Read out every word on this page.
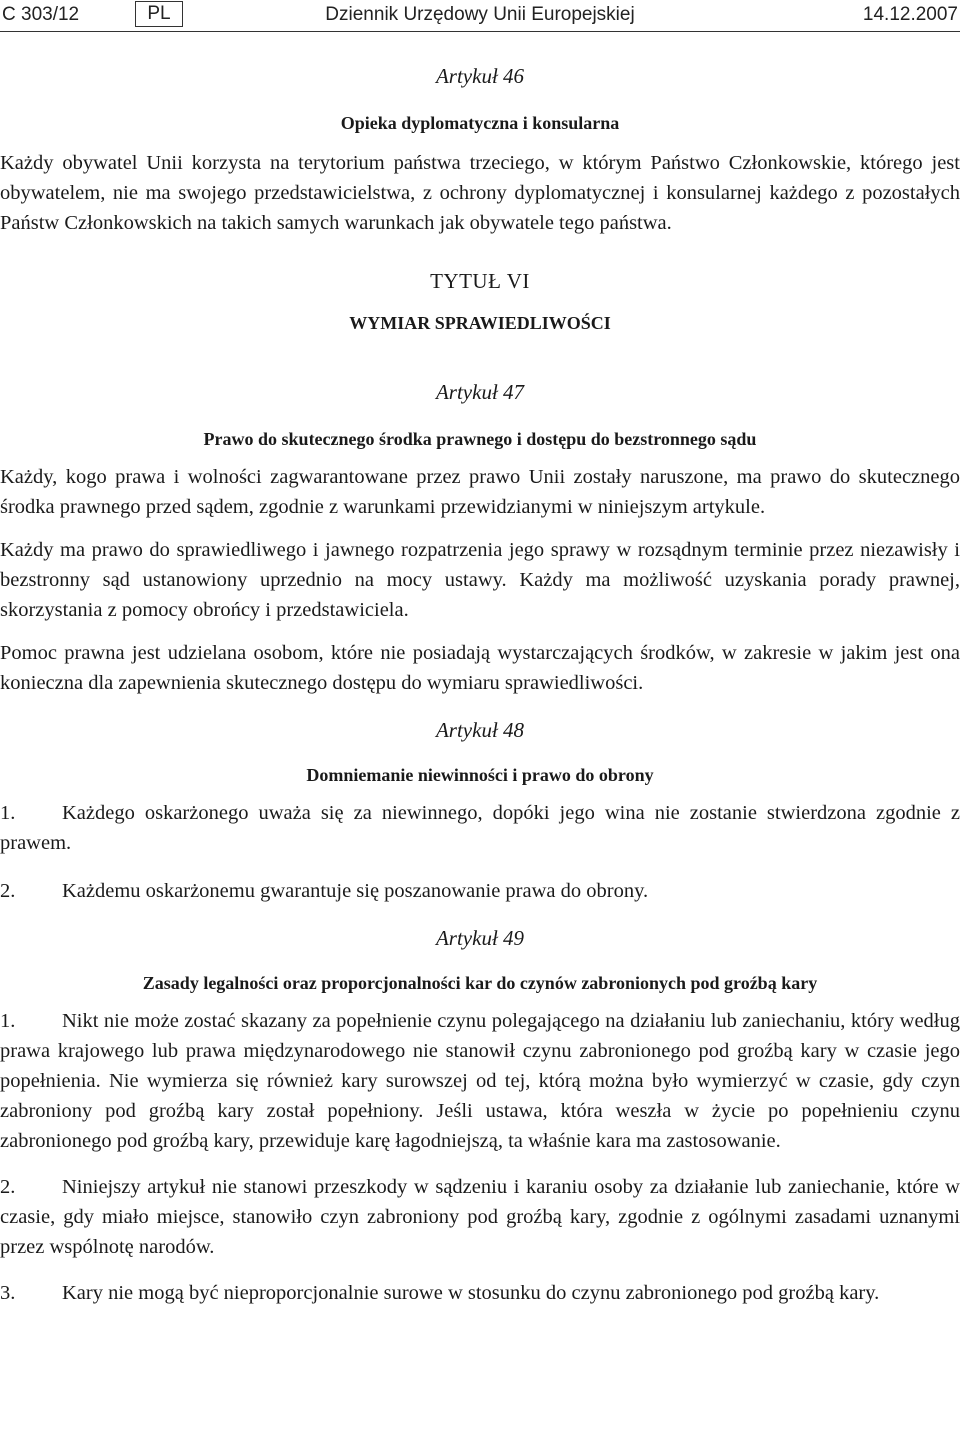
Dziennik Urzędowy Unii Europejskiej
C 303/12	PL	14.12.2007

Artykuł 46

Opieka dyplomatyczna i konsularna

Każdy obywatel Unii korzysta na terytorium państwa trzeciego, w którym Państwo Członkowskie, którego jest obywatelem, nie ma swojego przedstawicielstwa, z ochrony dyplomatycznej i konsularnej każdego z pozostałych Państw Członkowskich na takich samych warunkach jak obywatele tego państwa.

TYTUŁ VI

WYMIAR SPRAWIEDLIWOŚCI

Artykuł 47

Prawo do skutecznego środka prawnego i dostępu do bezstronnego sądu

Każdy, kogo prawa i wolności zagwarantowane przez prawo Unii zostały naruszone, ma prawo do skutecznego środka prawnego przed sądem, zgodnie z warunkami przewidzianymi w niniejszym artykule.

Każdy ma prawo do sprawiedliwego i jawnego rozpatrzenia jego sprawy w rozsądnym terminie przez niezawisły i bezstronny sąd ustanowiony uprzednio na mocy ustawy. Każdy ma możliwość uzyskania porady prawnej, skorzystania z pomocy obrońcy i przedstawiciela.

Pomoc prawna jest udzielana osobom, które nie posiadają wystarczających środków, w zakresie w jakim jest ona konieczna dla zapewnienia skutecznego dostępu do wymiaru sprawiedliwości.

Artykuł 48

Domniemanie niewinności i prawo do obrony

1. Każdego oskarżonego uważa się za niewinnego, dopóki jego wina nie zostanie stwierdzona zgodnie z prawem.

2. Każdemu oskarżonemu gwarantuje się poszanowanie prawa do obrony.

Artykuł 49

Zasady legalności oraz proporcjonalności kar do czynów zabronionych pod groźbą kary

1. Nikt nie może zostać skazany za popełnienie czynu polegającego na działaniu lub zaniechaniu, który według prawa krajowego lub prawa międzynarodowego nie stanowił czynu zabronionego pod groźbą kary w czasie jego popełnienia. Nie wymierza się również kary surowszej od tej, którą można było wymierzyć w czasie, gdy czyn zabroniony pod groźbą kary został popełniony. Jeśli ustawa, która weszła w życie po popełnieniu czynu zabronionego pod groźbą kary, przewiduje karę łagodniejszą, ta właśnie kara ma zastosowanie.

2. Niniejszy artykuł nie stanowi przeszkody w sądzeniu i karaniu osoby za działanie lub zaniechanie, które w czasie, gdy miało miejsce, stanowiło czyn zabroniony pod groźbą kary, zgodnie z ogólnymi zasadami uznanymi przez wspólnotę narodów.

3. Kary nie mogą być nieproporcjonalnie surowe w stosunku do czynu zabronionego pod groźbą kary.
